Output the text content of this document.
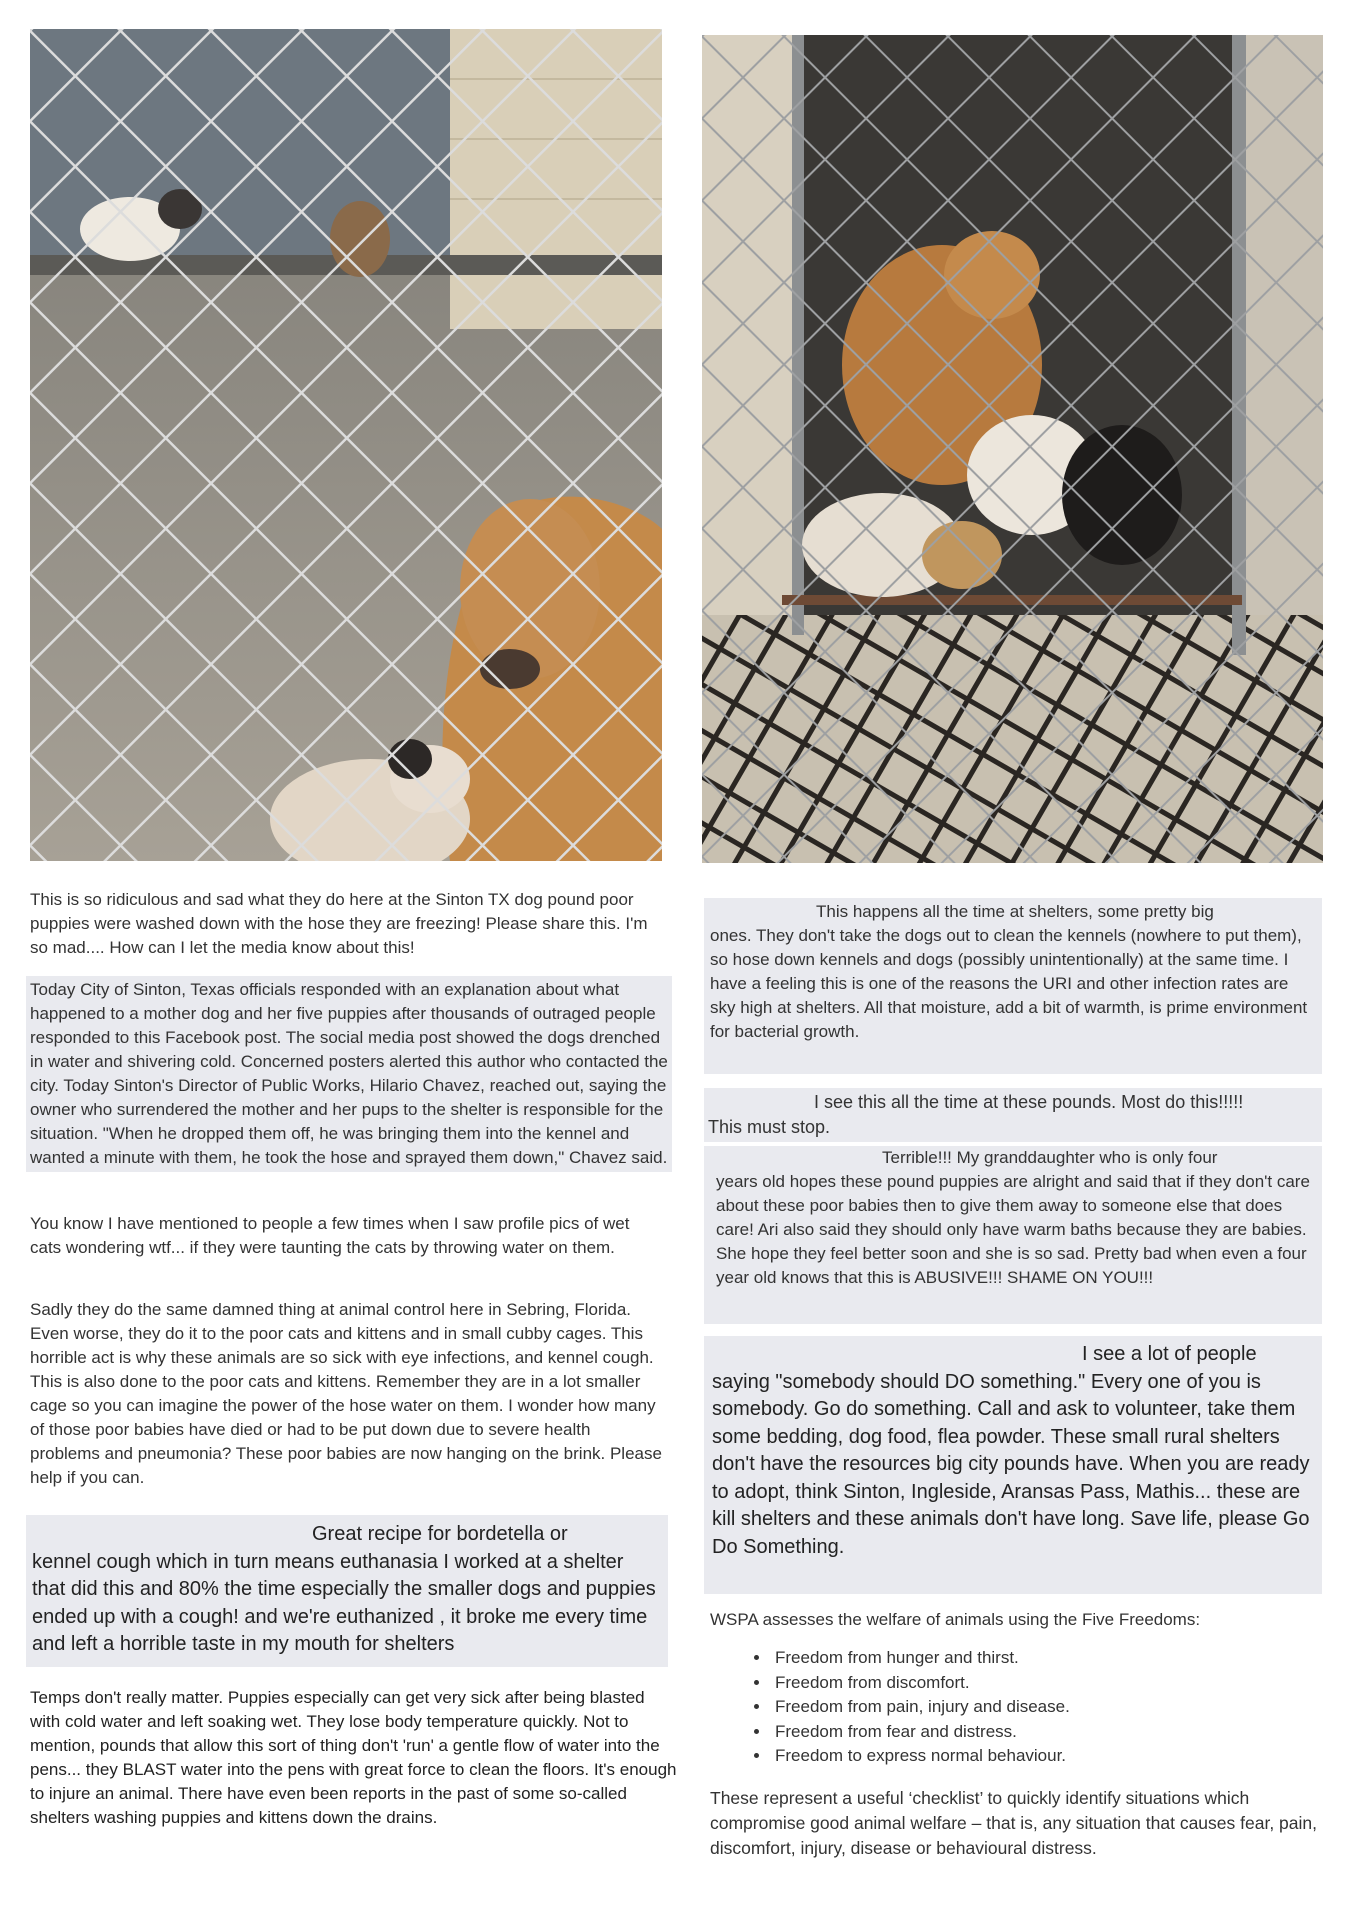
This is so ridiculous and sad what they do here at the Sinton TX dog pound poor puppies were washed down with the hose they are freezing! Please share this. I'm so mad.... How can I let the media know about this!
Today City of Sinton, Texas officials responded with an explanation about what happened to a mother dog and her five puppies after thousands of outraged people responded to this Facebook post. The social media post showed the dogs drenched in water and shivering cold. Concerned posters alerted this author who contacted the city. Today Sinton's Director of Public Works, Hilario Chavez, reached out, saying the owner who surrendered the mother and her pups to the shelter is responsible for the situation. "When he dropped them off, he was bringing them into the kennel and wanted a minute with them, he took the hose and sprayed them down," Chavez said.
You know I have mentioned to people a few times when I saw profile pics of wet cats wondering wtf... if they were taunting the cats by throwing water on them.
Sadly they do the same damned thing at animal control here in Sebring, Florida. Even worse, they do it to the poor cats and kittens and in small cubby cages. This horrible act is why these animals are so sick with eye infections, and kennel cough. This is also done to the poor cats and kittens. Remember they are in a lot smaller cage so you can imagine the power of the hose water on them. I wonder how many of those poor babies have died or had to be put down due to severe health problems and pneumonia? These poor babies are now hanging on the brink. Please help if you can.
Great recipe for bordetella or
kennel cough which in turn means euthanasia I worked at a shelter that did this and 80% the time especially the smaller dogs and puppies ended up with a cough! and we're euthanized , it broke me every time and left a horrible taste in my mouth for shelters
Temps don't really matter. Puppies especially can get very sick after being blasted with cold water and left soaking wet. They lose body temperature quickly. Not to mention, pounds that allow this sort of thing don't 'run' a gentle flow of water into the pens... they BLAST water into the pens with great force to clean the floors. It's enough to injure an animal. There have even been reports in the past of some so-called shelters washing puppies and kittens down the drains.
This happens all the time at shelters, some pretty big
ones. They don't take the dogs out to clean the kennels (nowhere to put them), so hose down kennels and dogs (possibly unintentionally) at the same time. I have a feeling this is one of the reasons the URI and other infection rates are sky high at shelters. All that moisture, add a bit of warmth, is prime environment for bacterial growth.
I see this all the time at these pounds. Most do this!!!!!
This must stop.
Terrible!!! My granddaughter who is only four
years old hopes these pound puppies are alright and said that if they don't care about these poor babies then to give them away to someone else that does care! Ari also said they should only have warm baths because they are babies. She hope they feel better soon and she is so sad. Pretty bad when even a four year old knows that this is ABUSIVE!!! SHAME ON YOU!!!
I see a lot of people
saying "somebody should DO something." Every one of you is somebody. Go do something. Call and ask to volunteer, take them some bedding, dog food, flea powder. These small rural shelters don't have the resources big city pounds have. When you are ready to adopt, think Sinton, Ingleside, Aransas Pass, Mathis... these are kill shelters and these animals don't have long. Save life, please Go Do Something.
WSPA assesses the welfare of animals using the Five Freedoms:
• Freedom from hunger and thirst.
• Freedom from discomfort.
• Freedom from pain, injury and disease.
• Freedom from fear and distress.
• Freedom to express normal behaviour.
These represent a useful ‘checklist’ to quickly identify situations which compromise good animal welfare – that is, any situation that causes fear, pain, discomfort, injury, disease or behavioural distress.
